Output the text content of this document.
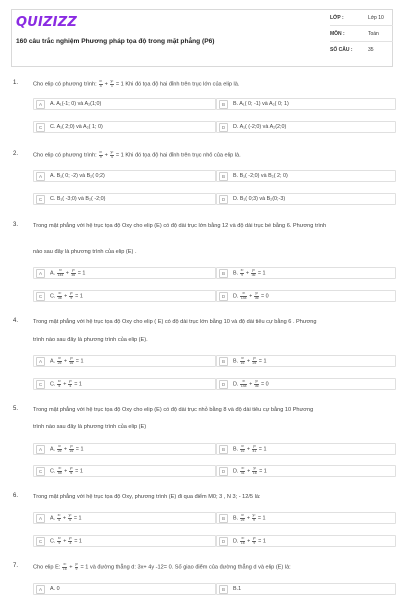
QUIZIZZ
160 câu trắc nghiệm Phương pháp tọa độ trong mặt phẳng (P6)
LỚP :	Lớp 10
MÔN :	Toán
SỐ CÂU :	35
1.	Cho elip có phương trình: $\frac{\text{x²}}{4} + \frac{\text{y²}}{1} = 1$ Khi đó tọa độ hai đỉnh trên trục lớn của elip là.
A	A. A₁(-1; 0) và A₂(1;0)	B	B. A₁( 0; -1) và A₂( 0; 1)
C	C. A₁( 2;0) và A₂( 1; 0)	D	D. A₁( (-2;0) và A₂(2;0)
2.	Cho elip có phương trình: $\frac{\text{x²}}{9} + \frac{\text{y²}}{4} = 1$ Khi đó tọa độ hai đỉnh trên trục nhỏ của elip là.
A	A. B₁( 0; -2) và B₂( 0;2)	B	B. B₁( -2;0) và B₂( 2; 0)
C	C. B₁( -3;0) và B₂( -2;0)	D	D. B₁( 0;3) và B₂(0;-3)
3.	Trong mặt phẳng với hệ trục tọa độ Oxy cho elip (E) có độ dài trục lớn bằng 12 và độ dài trục bé bằng 6. Phương trình
nào sau đây là phương trình của elip (E) .
A	A. $\frac{\text{x²}}{144} + \frac{\text{y²}}{36} = 1$	B	B. $\frac{\text{x²}}{9} + \frac{\text{y²}}{36} = 1$
C	C. $\frac{\text{x²}}{36} + \frac{\text{y²}}{9} = 1$	D	D. $\frac{\text{x²}}{144} + \frac{\text{y²}}{36} = 0$
4.	Trong mặt phẳng với hệ trục tọa độ Oxy cho elip ( E) có độ dài trục lớn bằng 10 và độ dài tiêu cự bằng 6 . Phương
trình nào sau đây là phương trình của elip (E).
A	A. $\frac{\text{x²}}{25} + \frac{\text{y²}}{16} = 1$	B	B. $\frac{\text{x²}}{16} + \frac{\text{y²}}{25} = 1$
C	C. $\frac{\text{x²}}{5} + \frac{\text{y²}}{4} = 1$	D	D. $\frac{\text{x²}}{144} + \frac{\text{y²}}{36} = 0$
5.	Trong mặt phẳng với hệ trục tọa độ Oxy cho elip (E) có độ dài trục nhỏ bằng 8 và độ dài tiêu cự bằng 10 Phương
trình nào sau đây là phương trình của elip (E)
A	A. $\frac{\text{x²}}{25} + \frac{\text{y²}}{16} = 1$	B	B. $\frac{\text{x²}}{16} + \frac{\text{y²}}{41} = 1$
C	C. $\frac{\text{x²}}{55} + \frac{\text{y²}}{6} = 1$	D	D. $\frac{\text{x²}}{41} + \frac{\text{y²}}{16} = 1$
6.	Trong mặt phẳng với hệ trục tọa độ Oxy, phương trình (E) đi qua điểm M0; 3 , N 3; - 12/5 là:
A	A. $\frac{\text{x²}}{4} + \frac{\text{y²}}{4} = 1$	B	B. $\frac{\text{x²}}{25} + \frac{\text{y²}}{9} = 1$
C	C. $\frac{\text{x²}}{9} + \frac{\text{y²}}{3} = 1$	D	D. $\frac{\text{x²}}{16} + \frac{\text{y²}}{9} = 1$
7.	Cho elip E: $\frac{\text{x²}}{16} + \frac{\text{y²}}{9} = 1$ và đường thẳng d: 3x+ 4y -12= 0. Số giao điểm của đường thẳng d và elip (E) là:
A	A. 0	B	B.1
